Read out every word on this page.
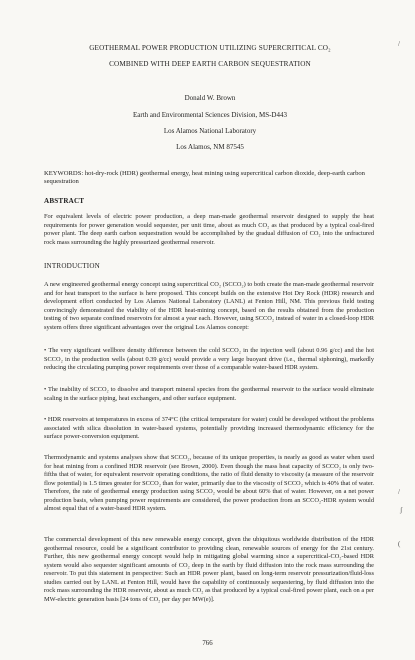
GEOTHERMAL POWER PRODUCTION UTILIZING SUPERCRITICAL CO₂
COMBINED WITH DEEP EARTH CARBON SEQUESTRATION
Donald W. Brown
Earth and Environmental Sciences Division, MS-D443
Los Alamos National Laboratory
Los Alamos, NM 87545
KEYWORDS: hot-dry-rock (HDR) geothermal energy, heat mining using supercritical carbon dioxide, deep-earth carbon sequestration
ABSTRACT
For equivalent levels of electric power production, a deep man-made geothermal reservoir designed to supply the heat requirements for power generation would sequester, per unit time, about as much CO₂ as that produced by a typical coal-fired power plant. The deep earth carbon sequestration would be accomplished by the gradual diffusion of CO₂ into the unfractured rock mass surrounding the highly pressurized geothermal reservoir.
INTRODUCTION
A new engineered geothermal energy concept using supercritical CO₂ (SCCO₂) to both create the man-made geothermal reservoir and for heat transport to the surface is here proposed. This concept builds on the extensive Hot Dry Rock (HDR) research and development effort conducted by Los Alamos National Laboratory (LANL) at Fenton Hill, NM. This previous field testing convincingly demonstrated the viability of the HDR heat-mining concept, based on the results obtained from the production testing of two separate confined reservoirs for almost a year each. However, using SCCO₂ instead of water in a closed-loop HDR system offers three significant advantages over the original Los Alamos concept:
• The very significant wellbore density difference between the cold SCCO₂ in the injection well (about 0.96 g/cc) and the hot SCCO₂ in the production wells (about 0.39 g/cc) would provide a very large buoyant drive (i.e., thermal siphoning), markedly reducing the circulating pumping power requirements over those of a comparable water-based HDR system.
• The inability of SCCO₂ to dissolve and transport mineral species from the geothermal reservoir to the surface would eliminate scaling in the surface piping, heat exchangers, and other surface equipment.
• HDR reservoirs at temperatures in excess of 374°C (the critical temperature for water) could be developed without the problems associated with silica dissolution in water-based systems, potentially providing increased thermodynamic efficiency for the surface power-conversion equipment.
Thermodynamic and systems analyses show that SCCO₂, because of its unique properties, is nearly as good as water when used for heat mining from a confined HDR reservoir (see Brown, 2000). Even though the mass heat capacity of SCCO₂ is only two-fifths that of water, for equivalent reservoir operating conditions, the ratio of fluid density to viscosity (a measure of the reservoir flow potential) is 1.5 times greater for SCCO₂ than for water, primarily due to the viscosity of SCCO₂ which is 40% that of water. Therefore, the rate of geothermal energy production using SCCO₂ would be about 60% that of water. However, on a net power production basis, when pumping power requirements are considered, the power production from an SCCO₂-HDR system would almost equal that of a water-based HDR system.
The commercial development of this new renewable energy concept, given the ubiquitous worldwide distribution of the HDR geothermal resource, could be a significant contributor to providing clean, renewable sources of energy for the 21st century. Further, this new geothermal energy concept would help in mitigating global warming since a supercritical-CO₂-based HDR system would also sequester significant amounts of CO₂ deep in the earth by fluid diffusion into the rock mass surrounding the reservoir. To put this statement in perspective: Such an HDR power plant, based on long-term reservoir pressurization/fluid-loss studies carried out by LANL at Fenton Hill, would have the capability of continuously sequestering, by fluid diffusion into the rock mass surrounding the HDR reservoir, about as much CO₂ as that produced by a typical coal-fired power plant, each on a per MW-electric generation basis [24 tons of CO₂ per day per MW(e)].
766
/
/
ʃ
(
